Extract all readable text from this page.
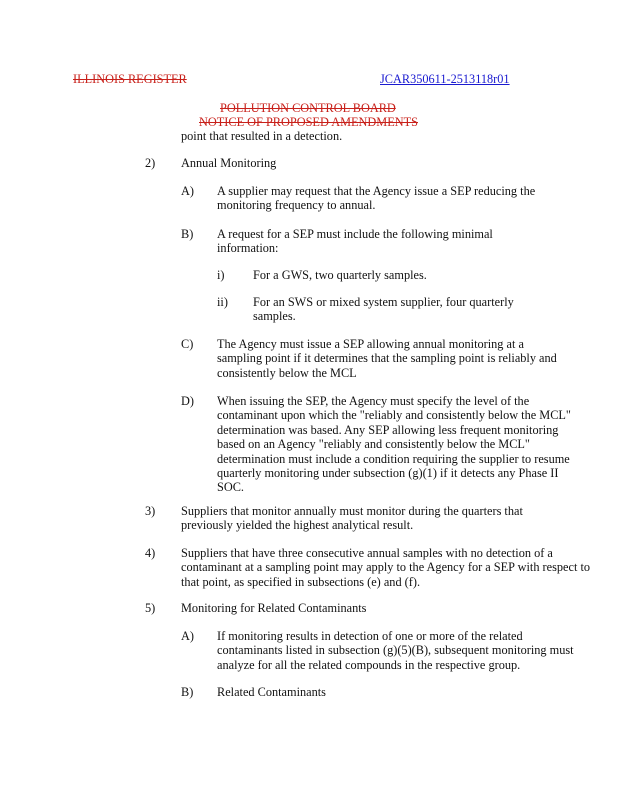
ILLINOIS REGISTER	JCAR350611-2513118r01
POLLUTION CONTROL BOARD
NOTICE OF PROPOSED AMENDMENTS
point that resulted in a detection.
2) Annual Monitoring
A) A supplier may request that the Agency issue a SEP reducing the monitoring frequency to annual.
B) A request for a SEP must include the following minimal information:
i) For a GWS, two quarterly samples.
ii) For an SWS or mixed system supplier, four quarterly samples.
C) The Agency must issue a SEP allowing annual monitoring at a sampling point if it determines that the sampling point is reliably and consistently below the MCL
D) When issuing the SEP, the Agency must specify the level of the contaminant upon which the "reliably and consistently below the MCL" determination was based. Any SEP allowing less frequent monitoring based on an Agency "reliably and consistently below the MCL" determination must include a condition requiring the supplier to resume quarterly monitoring under subsection (g)(1) if it detects any Phase II SOC.
3) Suppliers that monitor annually must monitor during the quarters that previously yielded the highest analytical result.
4) Suppliers that have three consecutive annual samples with no detection of a contaminant at a sampling point may apply to the Agency for a SEP with respect to that point, as specified in subsections (e) and (f).
5) Monitoring for Related Contaminants
A) If monitoring results in detection of one or more of the related contaminants listed in subsection (g)(5)(B), subsequent monitoring must analyze for all the related compounds in the respective group.
B) Related Contaminants
